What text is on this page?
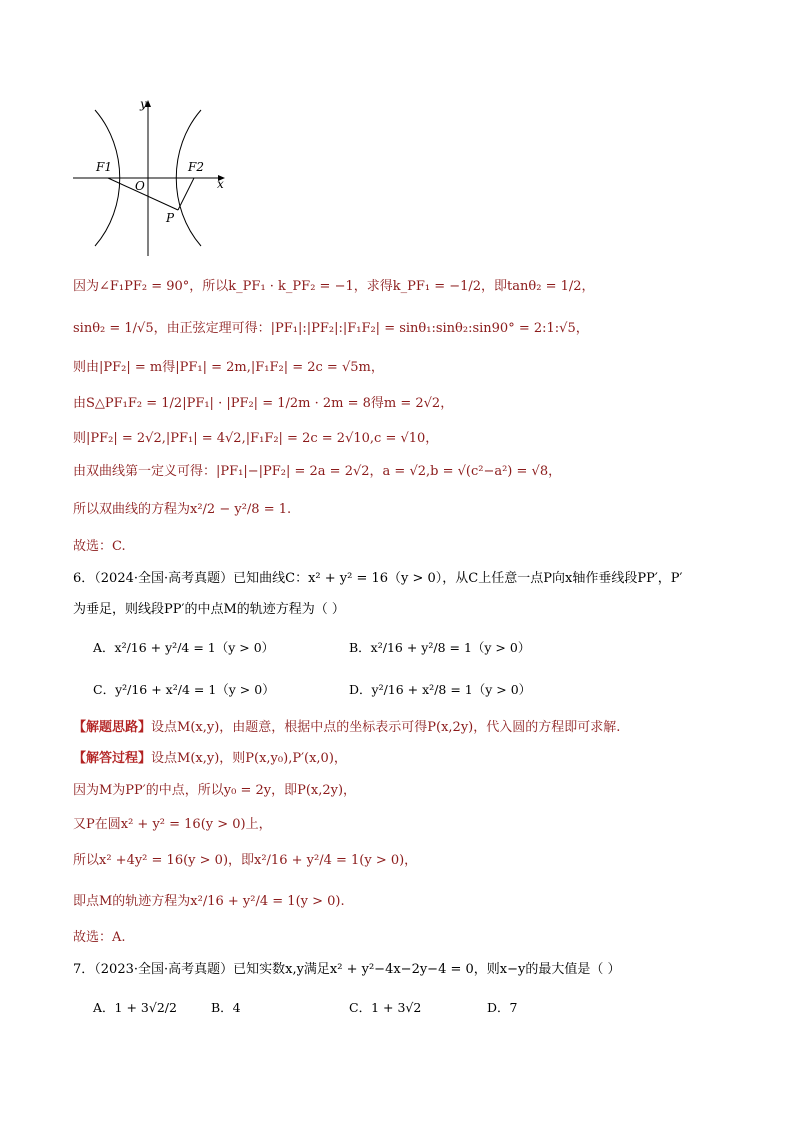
y
x
F1	F2
O
P
因为∠F₁PF₂ = 90°，所以k_PF₁ · k_PF₂ = −1，求得k_PF₁ = −1/2，即tanθ₂ = 1/2，
sinθ₂ = 1/√5，由正弦定理可得：|PF₁|:|PF₂|:|F₁F₂| = sinθ₁:sinθ₂:sin90° = 2:1:√5，
则由|PF₂| = m得|PF₁| = 2m,|F₁F₂| = 2c = √5m，
由S△PF₁F₂ = 1/2|PF₁| · |PF₂| = 1/2m · 2m = 8得m = 2√2，
则|PF₂| = 2√2,|PF₁| = 4√2,|F₁F₂| = 2c = 2√10,c = √10，
由双曲线第一定义可得：|PF₁|−|PF₂| = 2a = 2√2，a = √2,b = √(c²−a²) = √8，
所以双曲线的方程为x²/2 − y²/8 = 1.
故选：C.
6．（2024·全国·高考真题）已知曲线C：x² + y² = 16（y > 0），从C上任意一点P向x轴作垂线段PP′，P′
为垂足，则线段PP′的中点M的轨迹方程为（ ）
A．x²/16 + y²/4 = 1（y > 0）	B．x²/16 + y²/8 = 1（y > 0）
C．y²/16 + x²/4 = 1（y > 0）	D．y²/16 + x²/8 = 1（y > 0）
【解题思路】设点M(x,y)，由题意，根据中点的坐标表示可得P(x,2y)，代入圆的方程即可求解.
【解答过程】设点M(x,y)，则P(x,y₀),P′(x,0)，
因为M为PP′的中点，所以y₀ = 2y，即P(x,2y)，
又P在圆x² + y² = 16(y > 0)上，
所以x² +4y² = 16(y > 0)，即x²/16 + y²/4 = 1(y > 0)，
即点M的轨迹方程为x²/16 + y²/4 = 1(y > 0).
故选：A.
7．（2023·全国·高考真题）已知实数x,y满足x² + y²−4x−2y−4 = 0，则x−y的最大值是（ ）
A．1 + 3√2/2	B．4	C．1 + 3√2	D．7
